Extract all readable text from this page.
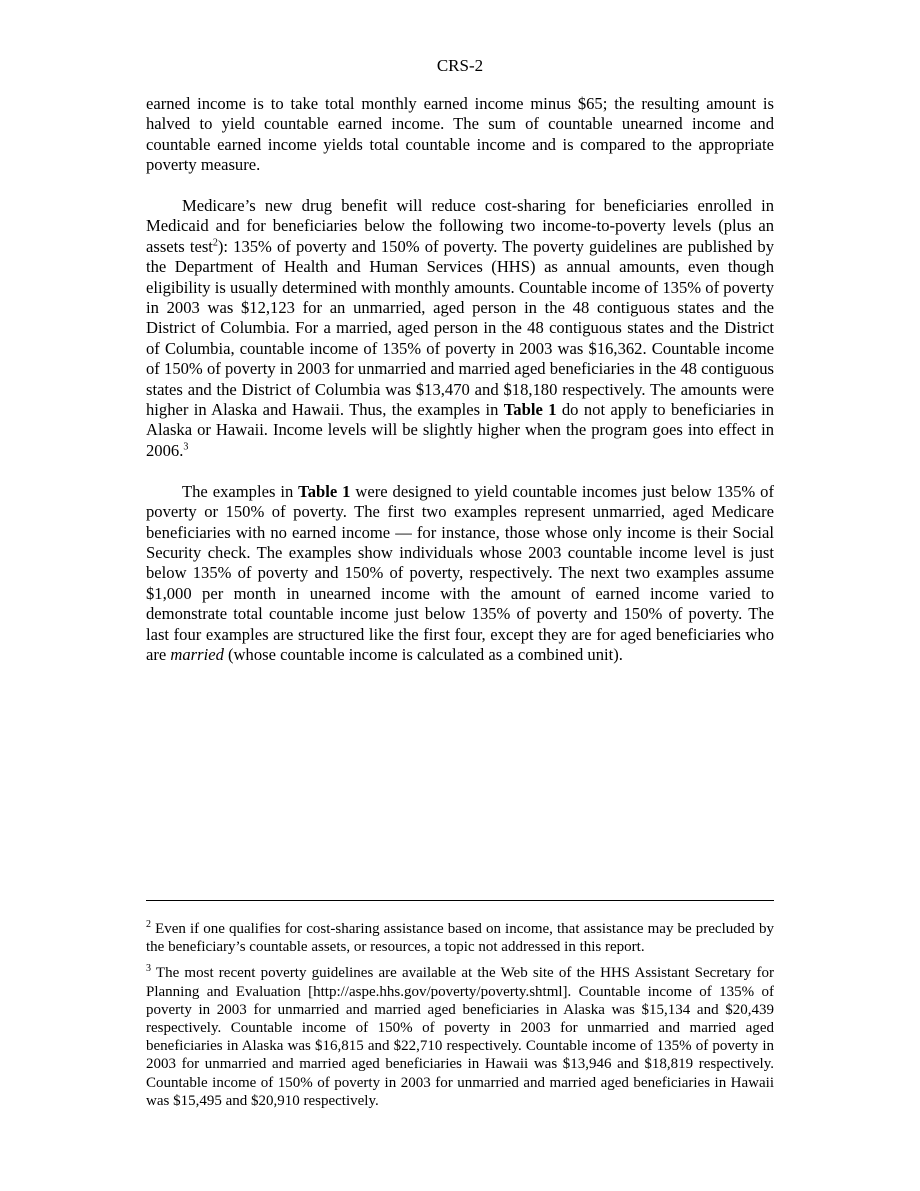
CRS-2

earned income is to take total monthly earned income minus $65; the resulting amount is halved to yield countable earned income. The sum of countable unearned income and countable earned income yields total countable income and is compared to the appropriate poverty measure.

Medicare’s new drug benefit will reduce cost-sharing for beneficiaries enrolled in Medicaid and for beneficiaries below the following two income-to-poverty levels (plus an assets test$^2$): 135% of poverty and 150% of poverty. The poverty guidelines are published by the Department of Health and Human Services (HHS) as annual amounts, even though eligibility is usually determined with monthly amounts. Countable income of 135% of poverty in 2003 was $12,123 for an unmarried, aged person in the 48 contiguous states and the District of Columbia. For a married, aged person in the 48 contiguous states and the District of Columbia, countable income of 135% of poverty in 2003 was $16,362. Countable income of 150% of poverty in 2003 for unmarried and married aged beneficiaries in the 48 contiguous states and the District of Columbia was $13,470 and $18,180 respectively. The amounts were higher in Alaska and Hawaii. Thus, the examples in Table 1 do not apply to beneficiaries in Alaska or Hawaii. Income levels will be slightly higher when the program goes into effect in 2006.$^3$

The examples in Table 1 were designed to yield countable incomes just below 135% of poverty or 150% of poverty. The first two examples represent unmarried, aged Medicare beneficiaries with no earned income — for instance, those whose only income is their Social Security check. The examples show individuals whose 2003 countable income level is just below 135% of poverty and 150% of poverty, respectively. The next two examples assume $1,000 per month in unearned income with the amount of earned income varied to demonstrate total countable income just below 135% of poverty and 150% of poverty. The last four examples are structured like the first four, except they are for aged beneficiaries who are married (whose countable income is calculated as a combined unit).

$^2$ Even if one qualifies for cost-sharing assistance based on income, that assistance may be precluded by the beneficiary’s countable assets, or resources, a topic not addressed in this report.

$^3$ The most recent poverty guidelines are available at the Web site of the HHS Assistant Secretary for Planning and Evaluation [http://aspe.hhs.gov/poverty/poverty.shtml]. Countable income of 135% of poverty in 2003 for unmarried and married aged beneficiaries in Alaska was $15,134 and $20,439 respectively. Countable income of 150% of poverty in 2003 for unmarried and married aged beneficiaries in Alaska was $16,815 and $22,710 respectively. Countable income of 135% of poverty in 2003 for unmarried and married aged beneficiaries in Hawaii was $13,946 and $18,819 respectively. Countable income of 150% of poverty in 2003 for unmarried and married aged beneficiaries in Hawaii was $15,495 and $20,910 respectively.
